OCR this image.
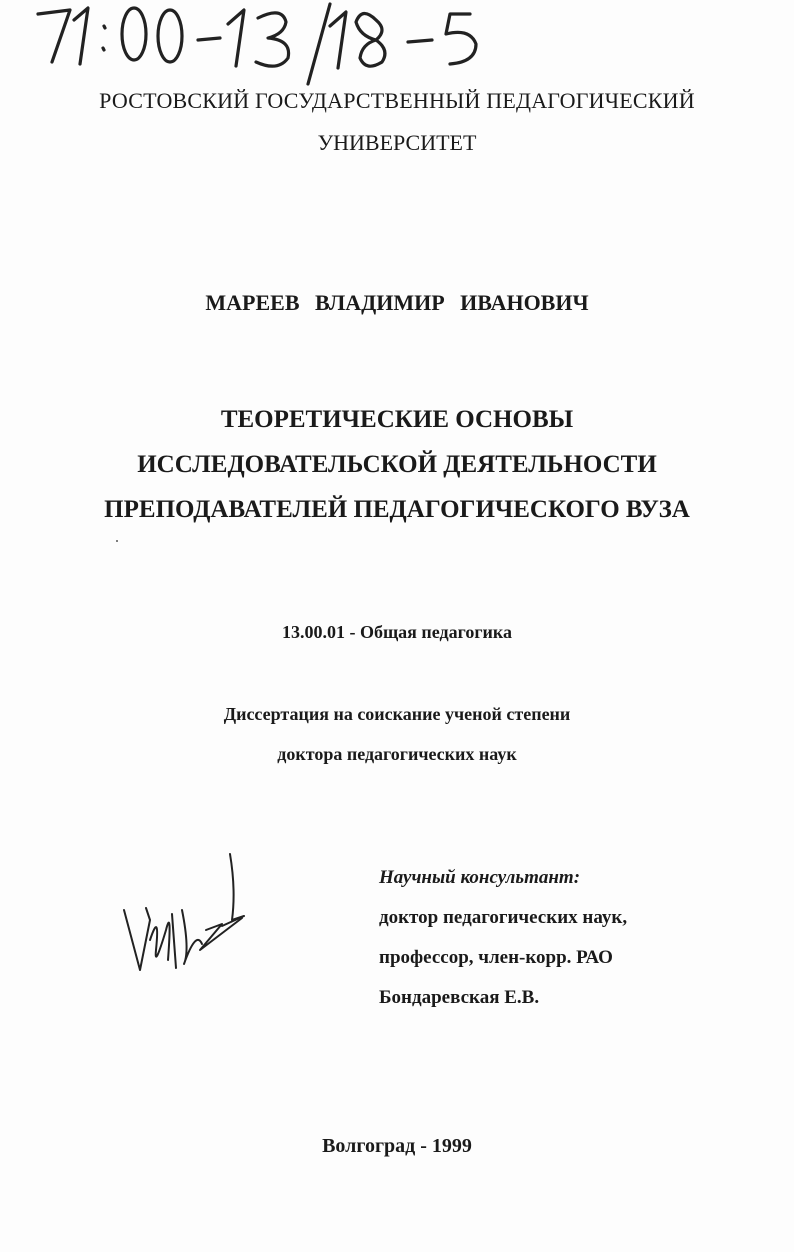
РОСТОВСКИЙ ГОСУДАРСТВЕННЫЙ ПЕДАГОГИЧЕСКИЙ
УНИВЕРСИТЕТ
МАРЕЕВ ВЛАДИМИР ИВАНОВИЧ
ТЕОРЕТИЧЕСКИЕ ОСНОВЫ
ИССЛЕДОВАТЕЛЬСКОЙ ДЕЯТЕЛЬНОСТИ
ПРЕПОДАВАТЕЛЕЙ ПЕДАГОГИЧЕСКОГО ВУЗА
13.00.01 - Общая педагогика
Диссертация на соискание ученой степени
доктора педагогических наук
Научный консультант:
доктор педагогических наук,
профессор, член-корр. РАО
Бондаревская Е.В.
Волгоград - 1999
